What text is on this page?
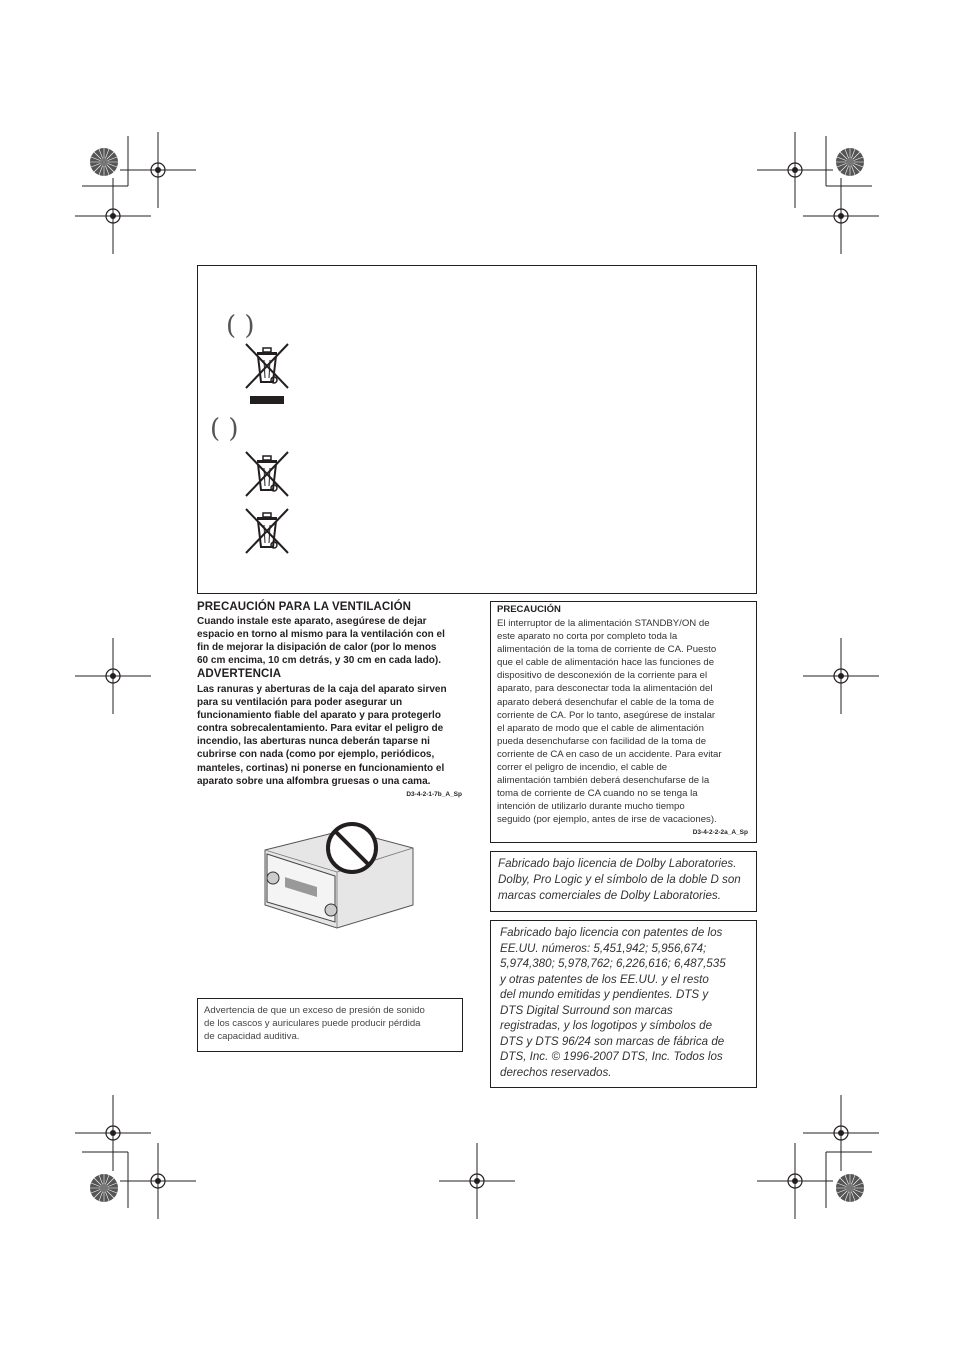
( )
( )
PRECAUCIÓN PARA LA VENTILACIÓN
Cuando instale este aparato, asegúrese de dejar
espacio en torno al mismo para la ventilación con el
fin de mejorar la disipación de calor (por lo menos
60 cm encima, 10 cm detrás, y 30 cm en cada lado).
ADVERTENCIA
Las ranuras y aberturas de la caja del aparato sirven
para su ventilación para poder asegurar un
funcionamiento fiable del aparato y para protegerlo
contra sobrecalentamiento. Para evitar el peligro de
incendio, las aberturas nunca deberán taparse ni
cubrirse con nada (como por ejemplo, periódicos,
manteles, cortinas) ni ponerse en funcionamiento el
aparato sobre una alfombra gruesas o una cama.
D3-4-2-1-7b_A_Sp
Advertencia de que un exceso de presión de sonido
de los cascos y auriculares puede producir pérdida
de capacidad auditiva.
PRECAUCIÓN
El interruptor de la alimentación STANDBY/ON de
este aparato no corta por completo toda la
alimentación de la toma de corriente de CA. Puesto
que el cable de alimentación hace las funciones de
dispositivo de desconexión de la corriente para el
aparato, para desconectar toda la alimentación del
aparato deberá desenchufar el cable de la toma de
corriente de CA. Por lo tanto, asegúrese de instalar
el aparato de modo que el cable de alimentación
pueda desenchufarse con facilidad de la toma de
corriente de CA en caso de un accidente. Para evitar
correr el peligro de incendio, el cable de
alimentación también deberá desenchufarse de la
toma de corriente de CA cuando no se tenga la
intención de utilizarlo durante mucho tiempo
seguido (por ejemplo, antes de irse de vacaciones).
D3-4-2-2-2a_A_Sp
Fabricado bajo licencia de Dolby Laboratories.
Dolby, Pro Logic y el símbolo de la doble D son
marcas comerciales de Dolby Laboratories.
Fabricado bajo licencia con patentes de los
EE.UU. números: 5,451,942; 5,956,674;
5,974,380; 5,978,762; 6,226,616; 6,487,535
y otras patentes de los EE.UU. y el resto
del mundo emitidas y pendientes. DTS y
DTS Digital Surround son marcas
registradas, y los logotipos y símbolos de
DTS y DTS 96/24 son marcas de fábrica de
DTS, Inc. © 1996-2007 DTS, Inc. Todos los
derechos reservados.
